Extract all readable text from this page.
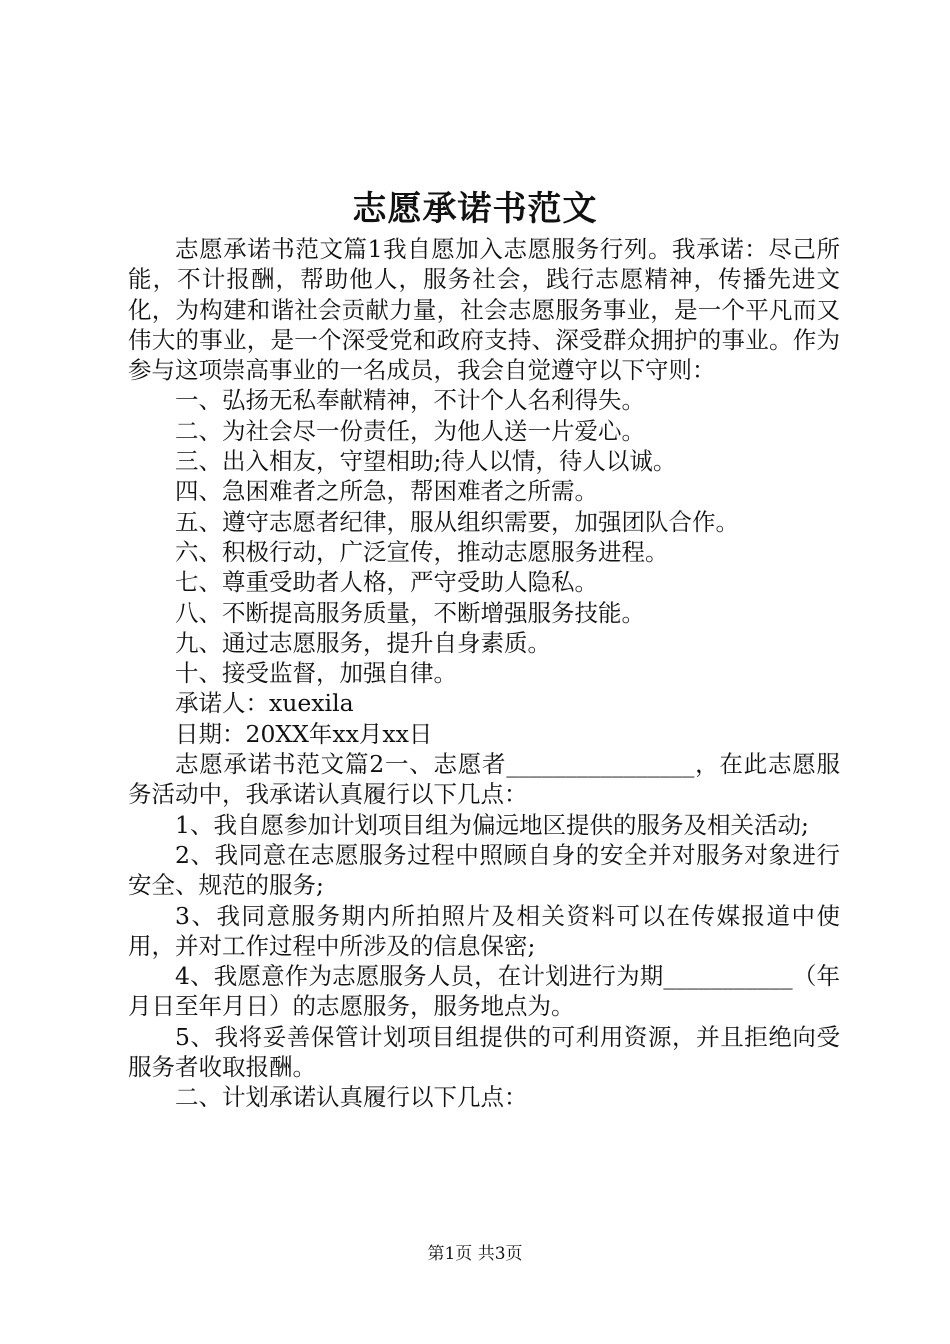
志愿承诺书范文

志愿承诺书范文篇1我自愿加入志愿服务行列。我承诺：尽己所能，不计报酬，帮助他人，服务社会，践行志愿精神，传播先进文化，为构建和谐社会贡献力量，社会志愿服务事业，是一个平凡而又伟大的事业，是一个深受党和政府支持、深受群众拥护的事业。作为参与这项崇高事业的一名成员，我会自觉遵守以下守则：

一、弘扬无私奉献精神，不计个人名利得失。

二、为社会尽一份责任，为他人送一片爱心。

三、出入相友，守望相助;待人以情，待人以诚。

四、急困难者之所急，帮困难者之所需。

五、遵守志愿者纪律，服从组织需要，加强团队合作。

六、积极行动，广泛宣传，推动志愿服务进程。

七、尊重受助者人格，严守受助人隐私。

八、不断提高服务质量，不断增强服务技能。

九、通过志愿服务，提升自身素质。

十、接受监督，加强自律。

承诺人：xuexila

日期：20XX年xx月xx日

志愿承诺书范文篇2一、志愿者________________，在此志愿服务活动中，我承诺认真履行以下几点：

1、我自愿参加计划项目组为偏远地区提供的服务及相关活动;

2、我同意在志愿服务过程中照顾自身的安全并对服务对象进行安全、规范的服务;

3、我同意服务期内所拍照片及相关资料可以在传媒报道中使用，并对工作过程中所涉及的信息保密;

4、我愿意作为志愿服务人员，在计划进行为期___________（年月日至年月日）的志愿服务，服务地点为。

5、我将妥善保管计划项目组提供的可利用资源，并且拒绝向受服务者收取报酬。

二、计划承诺认真履行以下几点：

第1页 共3页
